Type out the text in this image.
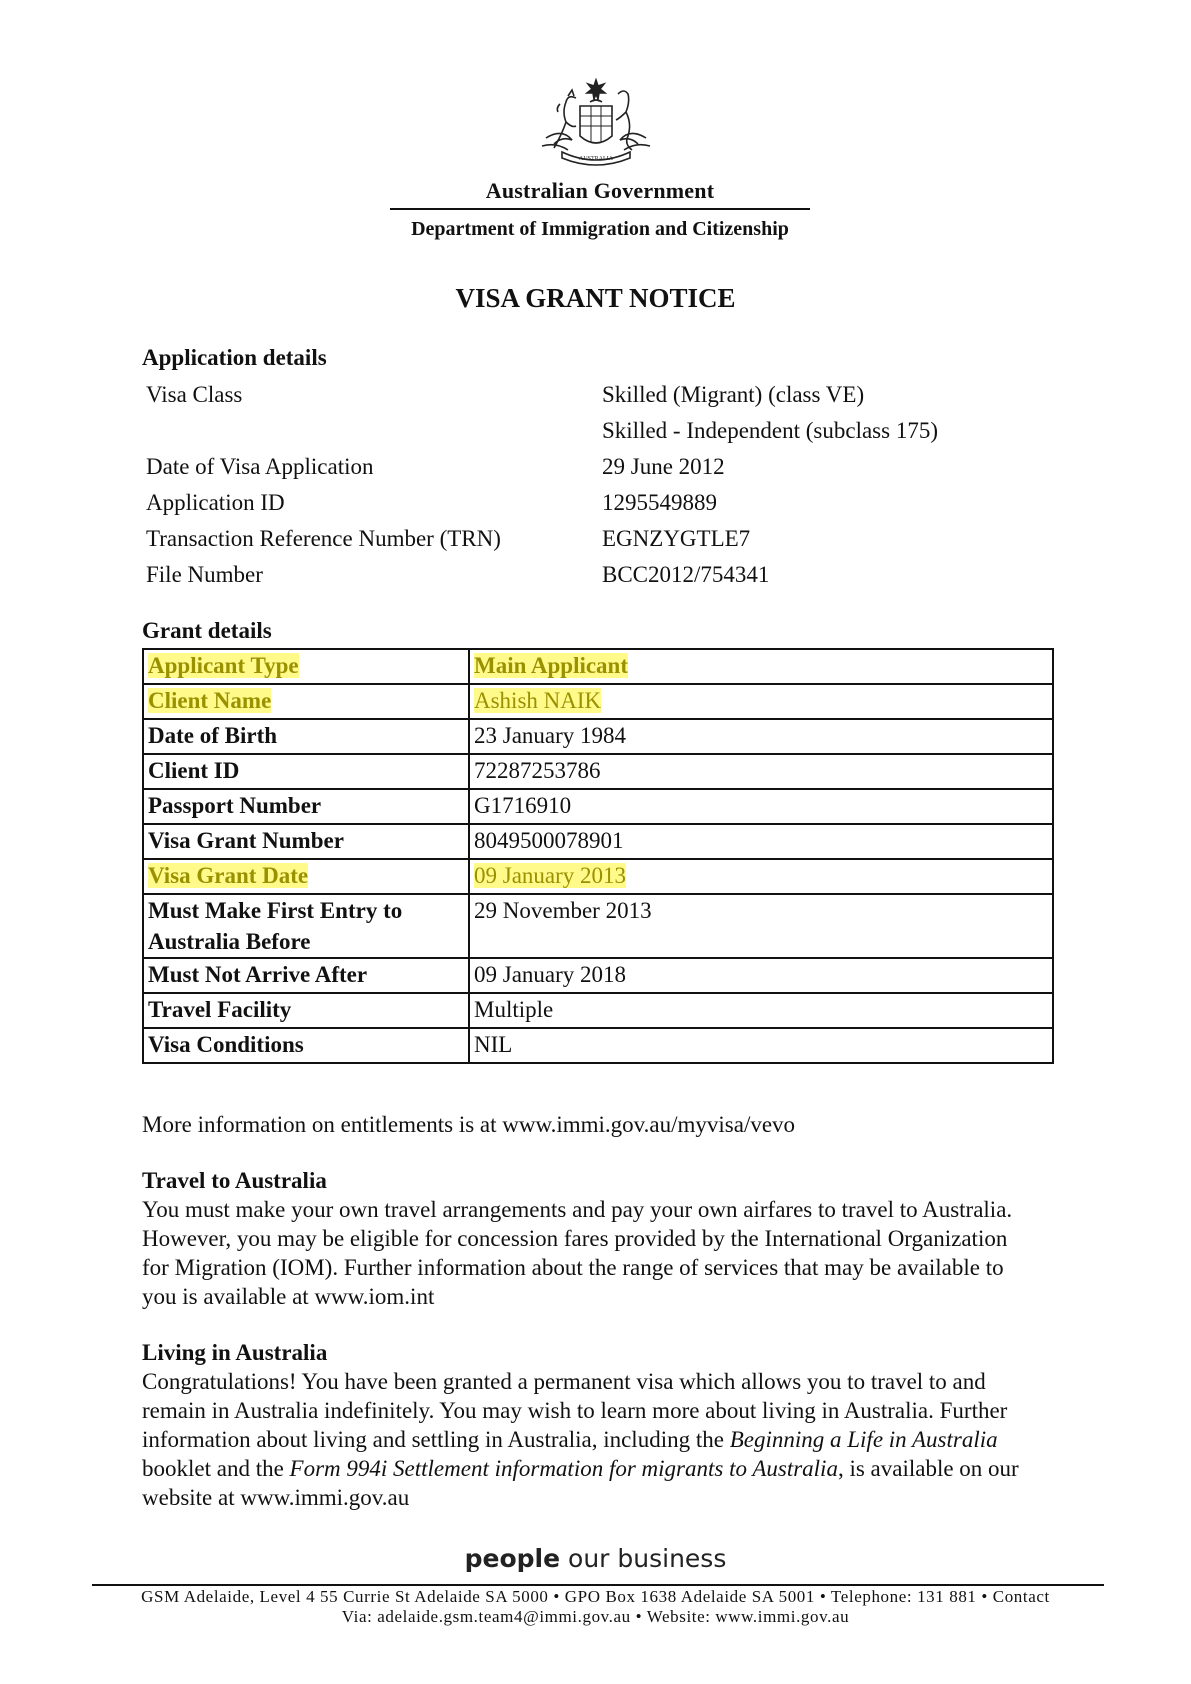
AUSTRALIA
Australian Government
Department of Immigration and Citizenship
VISA GRANT NOTICE
Application details
Visa Class	Skilled (Migrant) (class VE)
Skilled - Independent (subclass 175)
Date of Visa Application	29 June 2012
Application ID	1295549889
Transaction Reference Number (TRN)	EGNZYGTLE7
File Number	BCC2012/754341
Grant details
Applicant Type	Main Applicant
Client Name	Ashish NAIK
Date of Birth	23 January 1984
Client ID	72287253786
Passport Number	G1716910
Visa Grant Number	8049500078901
Visa Grant Date	09 January 2013
Must Make First Entry to
Australia Before	29 November 2013
Must Not Arrive After	09 January 2018
Travel Facility	Multiple
Visa Conditions	NIL
More information on entitlements is at www.immi.gov.au/myvisa/vevo
Travel to Australia
You must make your own travel arrangements and pay your own airfares to travel to Australia.
However, you may be eligible for concession fares provided by the International Organization
for Migration (IOM). Further information about the range of services that may be available to
you is available at www.iom.int
Living in Australia
Congratulations! You have been granted a permanent visa which allows you to travel to and
remain in Australia indefinitely. You may wish to learn more about living in Australia. Further
information about living and settling in Australia, including the Beginning a Life in Australia
booklet and the Form 994i Settlement information for migrants to Australia, is available on our
website at www.immi.gov.au
people our business
GSM Adelaide, Level 4 55 Currie St Adelaide SA 5000 • GPO Box 1638 Adelaide SA 5001 • Telephone: 131 881 • Contact
Via: adelaide.gsm.team4@immi.gov.au • Website: www.immi.gov.au
